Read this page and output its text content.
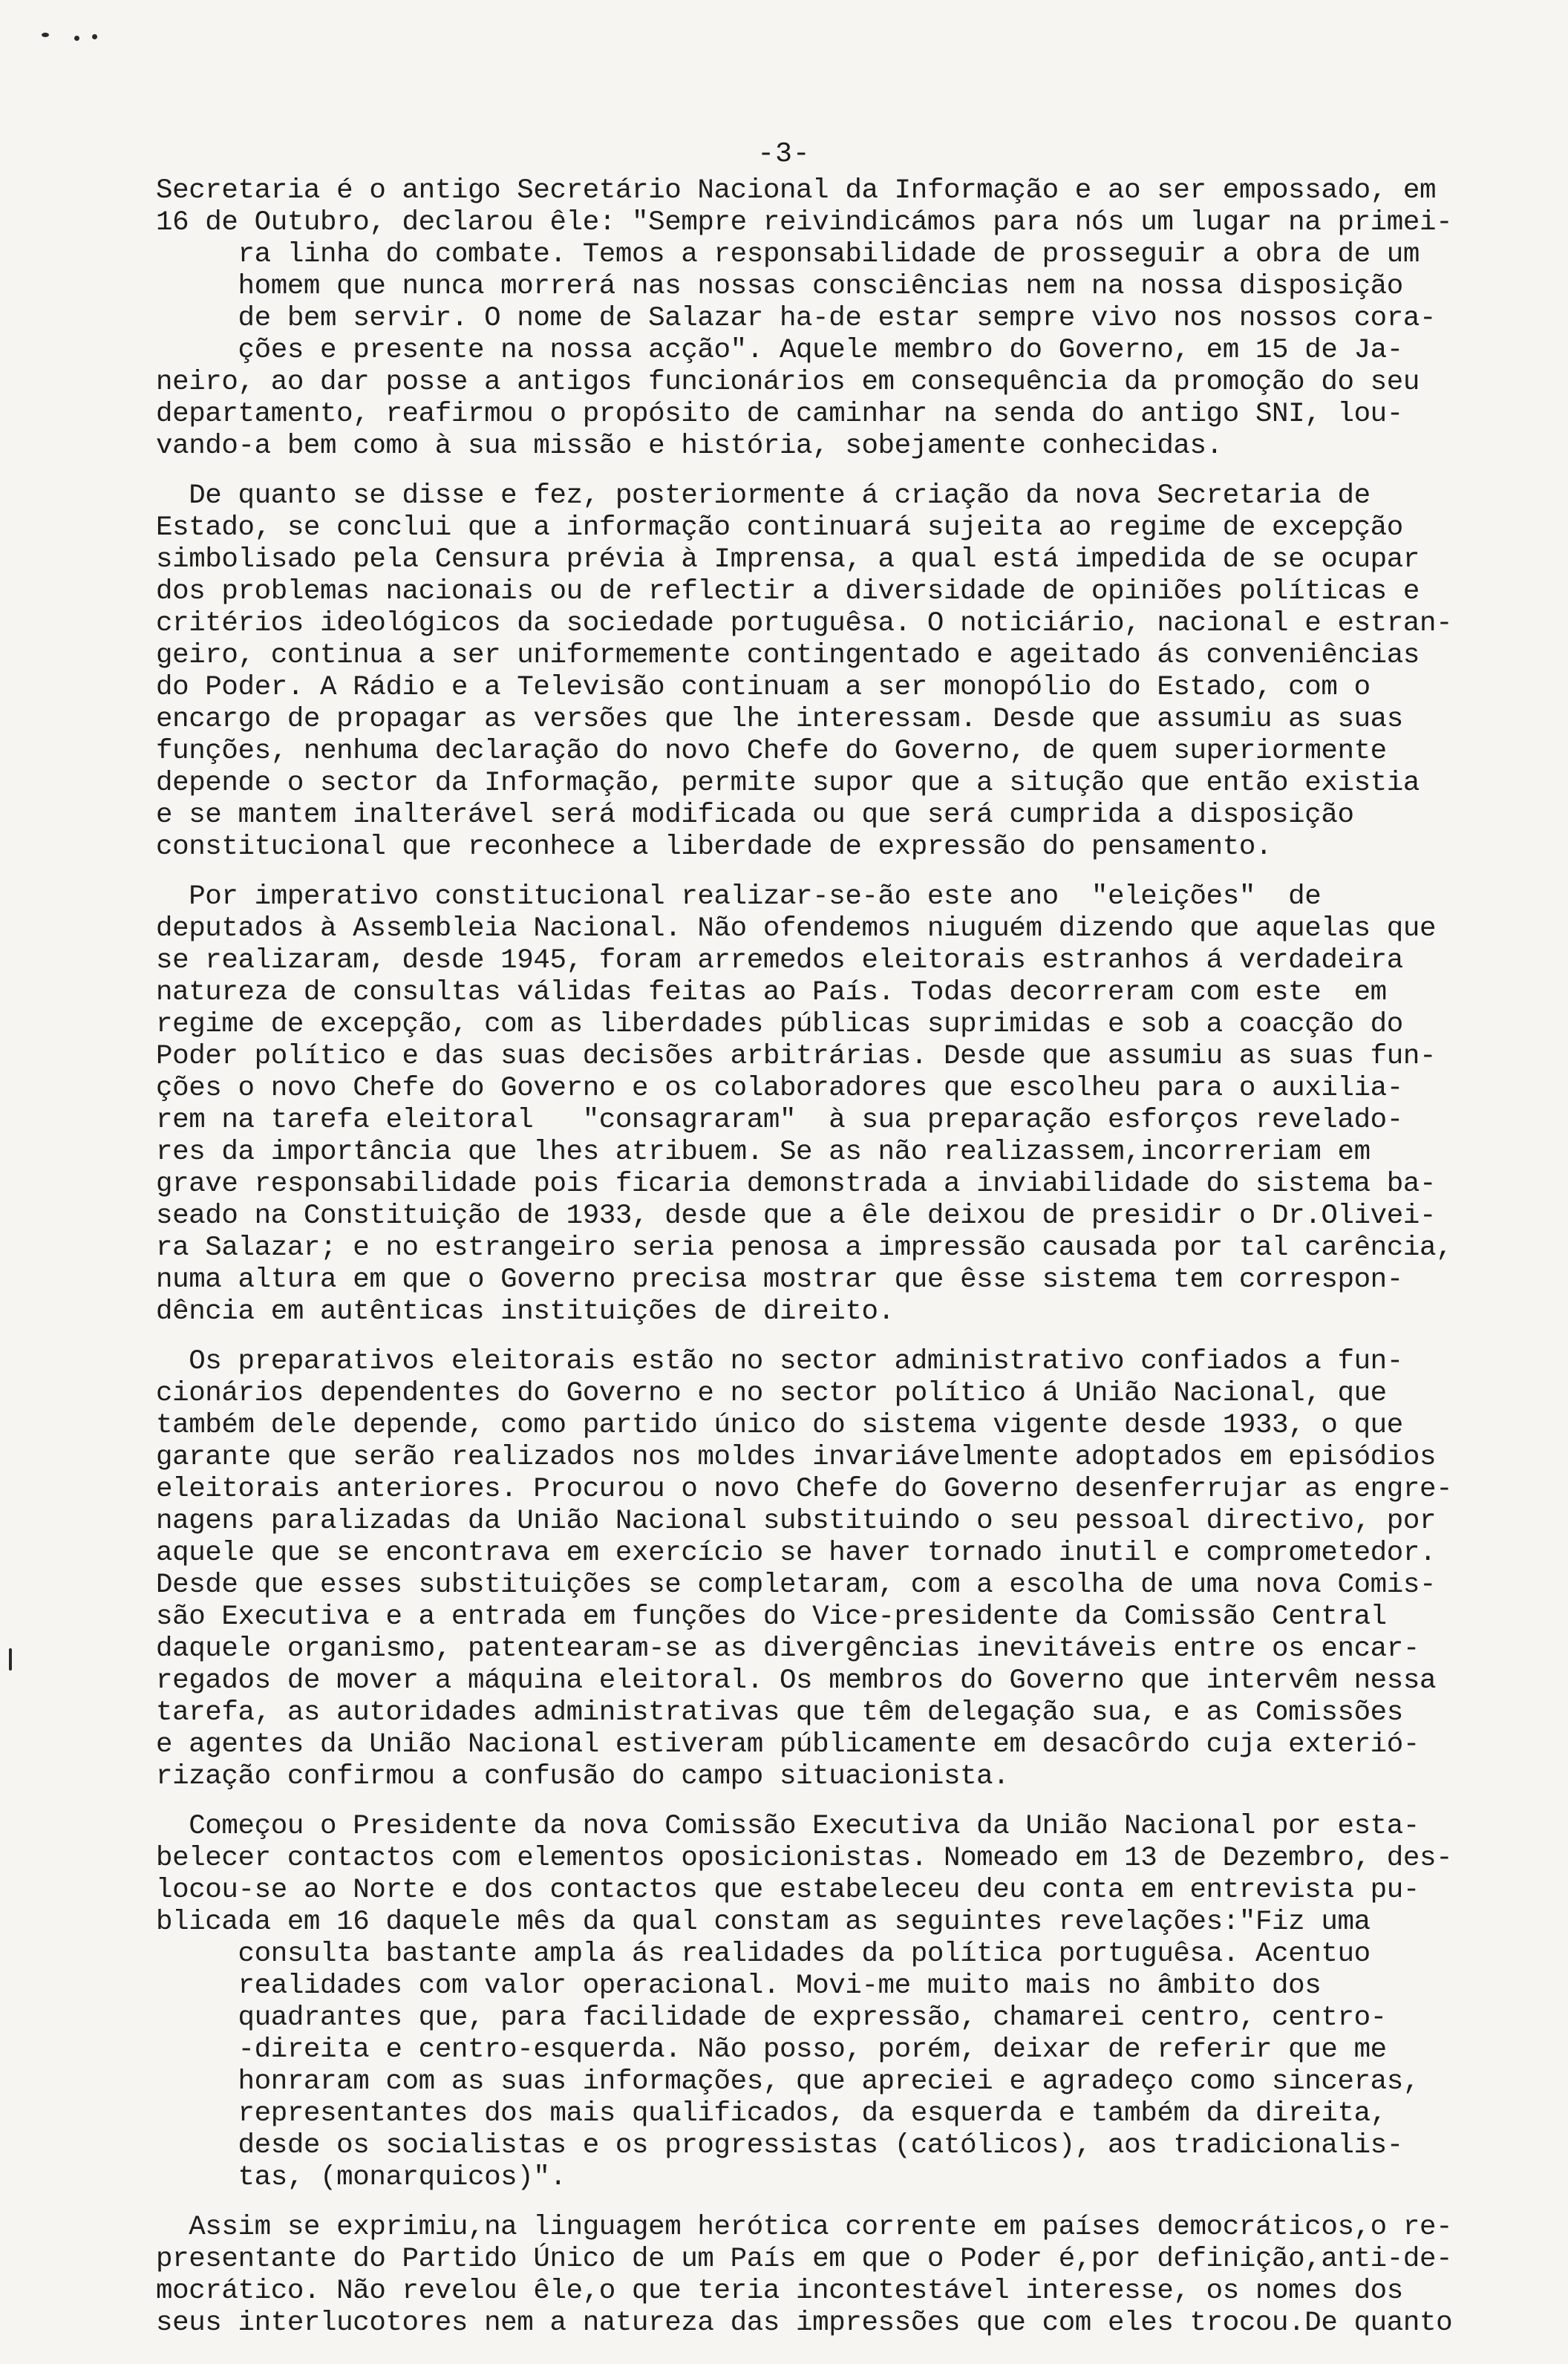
-3-
Secretaria é o antigo Secretário Nacional da Informação e ao ser empossado, em
16 de Outubro, declarou êle: "Sempre reivindicámos para nós um lugar na primei-
ra linha do combate. Temos a responsabilidade de prosseguir a obra de um
homem que nunca morrerá nas nossas consciências nem na nossa disposição
de bem servir. O nome de Salazar ha-de estar sempre vivo nos nossos cora-
ções e presente na nossa acção". Aquele membro do Governo, em 15 de Ja-
neiro, ao dar posse a antigos funcionários em consequência da promoção do seu
departamento, reafirmou o propósito de caminhar na senda do antigo SNI, lou-
vando-a bem como à sua missão e história, sobejamente conhecidas.
De quanto se disse e fez, posteriormente á criação da nova Secretaria de
Estado, se conclui que a informação continuará sujeita ao regime de excepção
simbolisado pela Censura prévia à Imprensa, a qual está impedida de se ocupar
dos problemas nacionais ou de reflectir a diversidade de opiniões políticas e
critérios ideológicos da sociedade portuguêsa. O noticiário, nacional e estran-
geiro, continua a ser uniformemente contingentado e ageitado ás conveniências
do Poder. A Rádio e a Televisão continuam a ser monopólio do Estado, com o
encargo de propagar as versões que lhe interessam. Desde que assumiu as suas
funções, nenhuma declaração do novo Chefe do Governo, de quem superiormente
depende o sector da Informação, permite supor que a situção que então existia
e se mantem inalterável será modificada ou que será cumprida a disposição
constitucional que reconhece a liberdade de expressão do pensamento.
Por imperativo constitucional realizar-se-ão este ano  "eleições"  de
deputados à Assembleia Nacional. Não ofendemos niuguém dizendo que aquelas que
se realizaram, desde 1945, foram arremedos eleitorais estranhos á verdadeira
natureza de consultas válidas feitas ao País. Todas decorreram com este  em
regime de excepção, com as liberdades públicas suprimidas e sob a coacção do
Poder político e das suas decisões arbitrárias. Desde que assumiu as suas fun-
ções o novo Chefe do Governo e os colaboradores que escolheu para o auxilia-
rem na tarefa eleitoral   "consagraram"  à sua preparação esforços revelado-
res da importância que lhes atribuem. Se as não realizassem,incorreriam em
grave responsabilidade pois ficaria demonstrada a inviabilidade do sistema ba-
seado na Constituição de 1933, desde que a êle deixou de presidir o Dr.Olivei-
ra Salazar; e no estrangeiro seria penosa a impressão causada por tal carência,
numa altura em que o Governo precisa mostrar que êsse sistema tem correspon-
dência em autênticas instituições de direito.
Os preparativos eleitorais estão no sector administrativo confiados a fun-
cionários dependentes do Governo e no sector político á União Nacional, que
também dele depende, como partido único do sistema vigente desde 1933, o que
garante que serão realizados nos moldes invariávelmente adoptados em episódios
eleitorais anteriores. Procurou o novo Chefe do Governo desenferrujar as engre-
nagens paralizadas da União Nacional substituindo o seu pessoal directivo, por
aquele que se encontrava em exercício se haver tornado inutil e comprometedor.
Desde que esses substituições se completaram, com a escolha de uma nova Comis-
são Executiva e a entrada em funções do Vice-presidente da Comissão Central
daquele organismo, patentearam-se as divergências inevitáveis entre os encar-
regados de mover a máquina eleitoral. Os membros do Governo que intervêm nessa
tarefa, as autoridades administrativas que têm delegação sua, e as Comissões
e agentes da União Nacional estiveram públicamente em desacôrdo cuja exterió-
rização confirmou a confusão do campo situacionista.
Começou o Presidente da nova Comissão Executiva da União Nacional por esta-
belecer contactos com elementos oposicionistas. Nomeado em 13 de Dezembro, des-
locou-se ao Norte e dos contactos que estabeleceu deu conta em entrevista pu-
blicada em 16 daquele mês da qual constam as seguintes revelações:"Fiz uma
consulta bastante ampla ás realidades da política portuguêsa. Acentuo
realidades com valor operacional. Movi-me muito mais no âmbito dos
quadrantes que, para facilidade de expressão, chamarei centro, centro-
-direita e centro-esquerda. Não posso, porém, deixar de referir que me
honraram com as suas informações, que apreciei e agradeço como sinceras,
representantes dos mais qualificados, da esquerda e também da direita,
desde os socialistas e os progressistas (católicos), aos tradicionalis-
tas, (monarquicos)".
Assim se exprimiu,na linguagem herótica corrente em países democráticos,o re-
presentante do Partido Único de um País em que o Poder é,por definição,anti-de-
mocrático. Não revelou êle,o que teria incontestável interesse, os nomes dos
seus interlucotores nem a natureza das impressões que com eles trocou.De quanto
